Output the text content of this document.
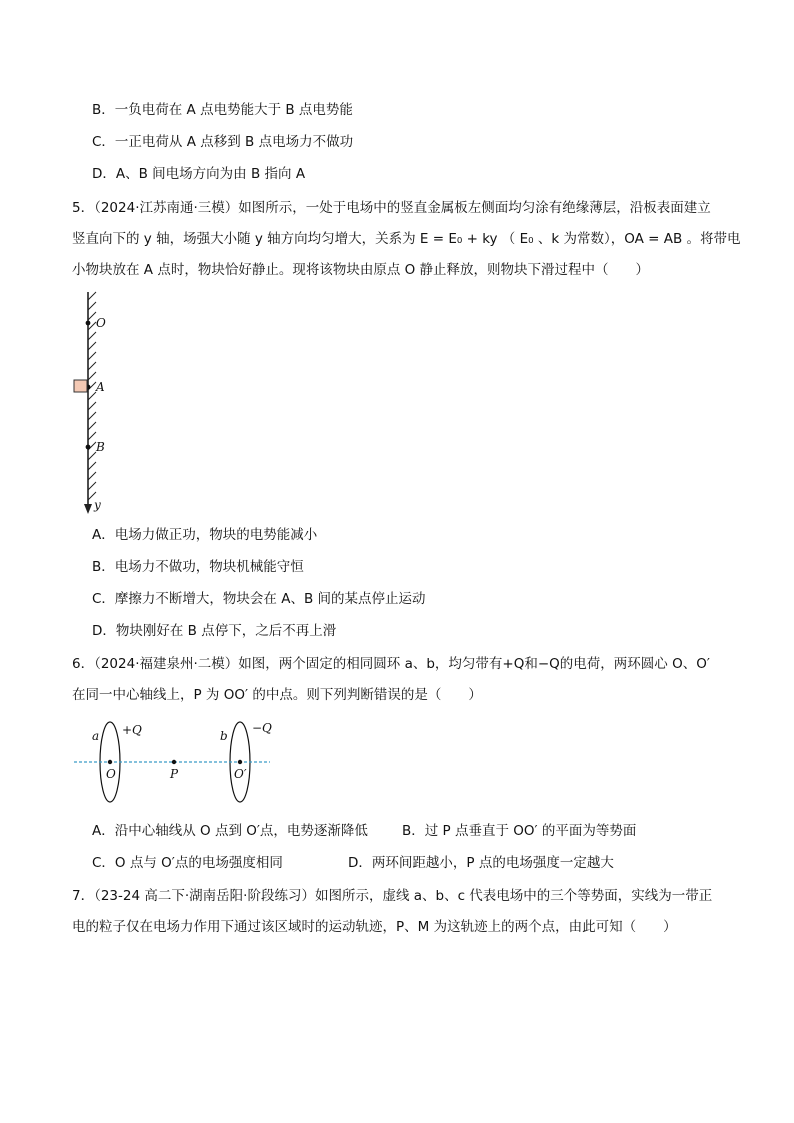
B．一负电荷在 A 点电势能大于 B 点电势能
C．一正电荷从 A 点移到 B 点电场力不做功
D．A、B 间电场方向为由 B 指向 A
5．（2024·江苏南通·三模）如图所示，一处于电场中的竖直金属板左侧面均匀涂有绝缘薄层，沿板表面建立
竖直向下的 y 轴，场强大小随 y 轴方向均匀增大，关系为 E = E₀ + ky （ E₀ 、k 为常数），OA = AB 。将带电
小物块放在 A 点时，物块恰好静止。现将该物块由原点 O 静止释放，则物块下滑过程中（　　）
O
A
B
y
A．电场力做正功，物块的电势能减小
B．电场力不做功，物块机械能守恒
C．摩擦力不断增大，物块会在 A、B 间的某点停止运动
D．物块刚好在 B 点停下，之后不再上滑
6．（2024·福建泉州·二模）如图，两个固定的相同圆环 a、b，均匀带有+Q和−Q的电荷，两环圆心 O、O′
在同一中心轴线上，P 为 OO′ 的中点。则下列判断错误的是（　　）
a +Q	b
−Q
O	P	O′
A．沿中心轴线从 O 点到 O′点，电势逐渐降低	B．过 P 点垂直于 OO′ 的平面为等势面
C．O 点与 O′点的电场强度相同	D．两环间距越小，P 点的电场强度一定越大
7．（23-24 高二下·湖南岳阳·阶段练习）如图所示，虚线 a、b、c 代表电场中的三个等势面，实线为一带正
电的粒子仅在电场力作用下通过该区域时的运动轨迹，P、M 为这轨迹上的两个点，由此可知（　　）
